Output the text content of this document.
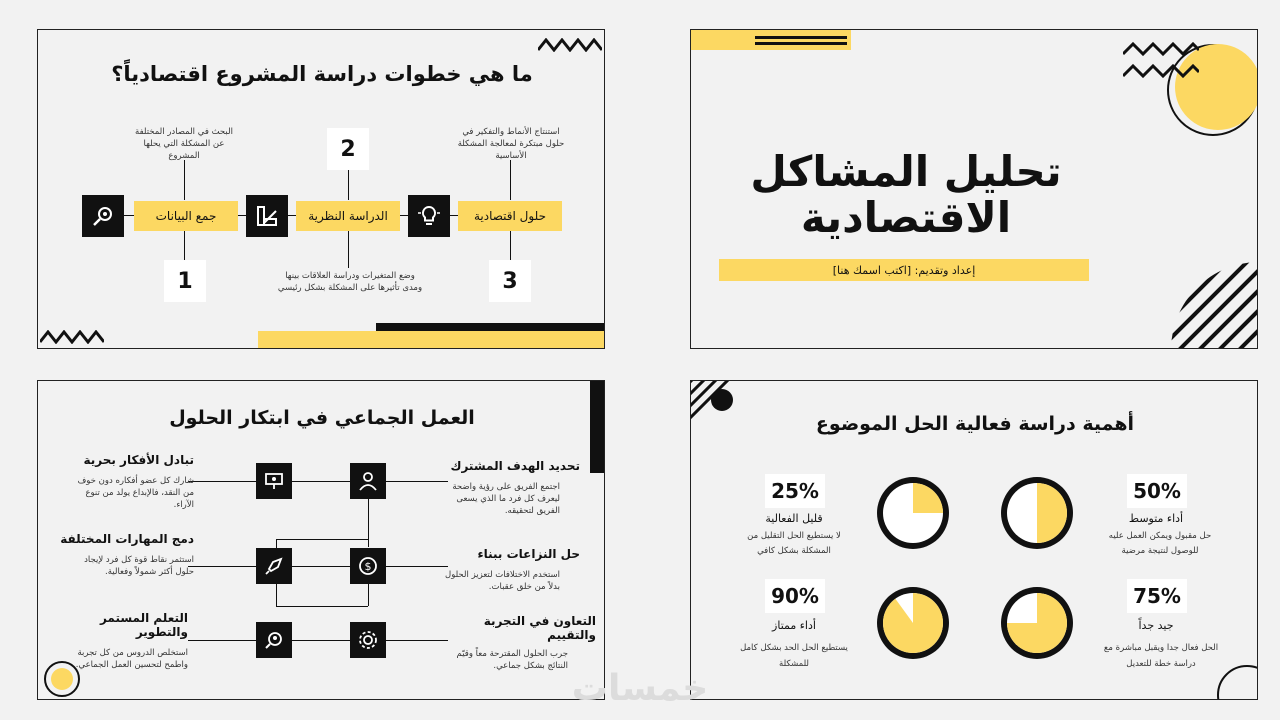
ما هي خطوات دراسة المشروع اقتصادياً؟
البحث في المصادر المختلفة عن المشكلة التي يحلها المشروع
جمع البيانات
1
2
الدراسة النظرية
وضع المتغيرات ودراسة العلاقات بينها ومدى تأثيرها على المشكلة بشكل رئيسي
استنتاج الأنماط والتفكير في حلول مبتكرة لمعالجة المشكلة الأساسية
حلول اقتصادية
3
تحليل المشاكل
الاقتصادية
إعداد وتقديم: [اكتب اسمك هنا]
العمل الجماعي في ابتكار الحلول
$
تحديد الهدف المشترك
اجتمع الفريق على رؤية واضحة ليعرف كل فرد ما الذي يسعى الفريق لتحقيقه.
حل النزاعات ببناء
استخدم الاختلافات لتعزيز الحلول بدلاً من خلق عقبات.
التعاون في التجربة والتقييم
جرب الحلول المقترحة معاً وقيّم النتائج بشكل جماعي.
تبادل الأفكار بحرية
شارك كل عضو أفكاره دون خوف من النقد، فالإبداع يولد من تنوع الآراء.
دمج المهارات المختلفة
استثمر نقاط قوة كل فرد لإيجاد حلول أكثر شمولاً وفعالية.
التعلم المستمر والتطوير
استخلص الدروس من كل تجربة واطمح لتحسين العمل الجماعي.
أهمية دراسة فعالية الحل الموضوع
50%
أداء متوسط
حل مقبول ويمكن العمل عليه للوصول لنتيجة مرضية
25%
قليل الفعالية
لا يستطيع الحل التقليل من المشكلة بشكل كافي
75%
جيد جداً
الحل فعال جدا ويقبل مباشرة مع دراسة خطة للتعديل
90%
أداء ممتاز
يستطيع الحل الحد بشكل كامل للمشكلة
خمسات
